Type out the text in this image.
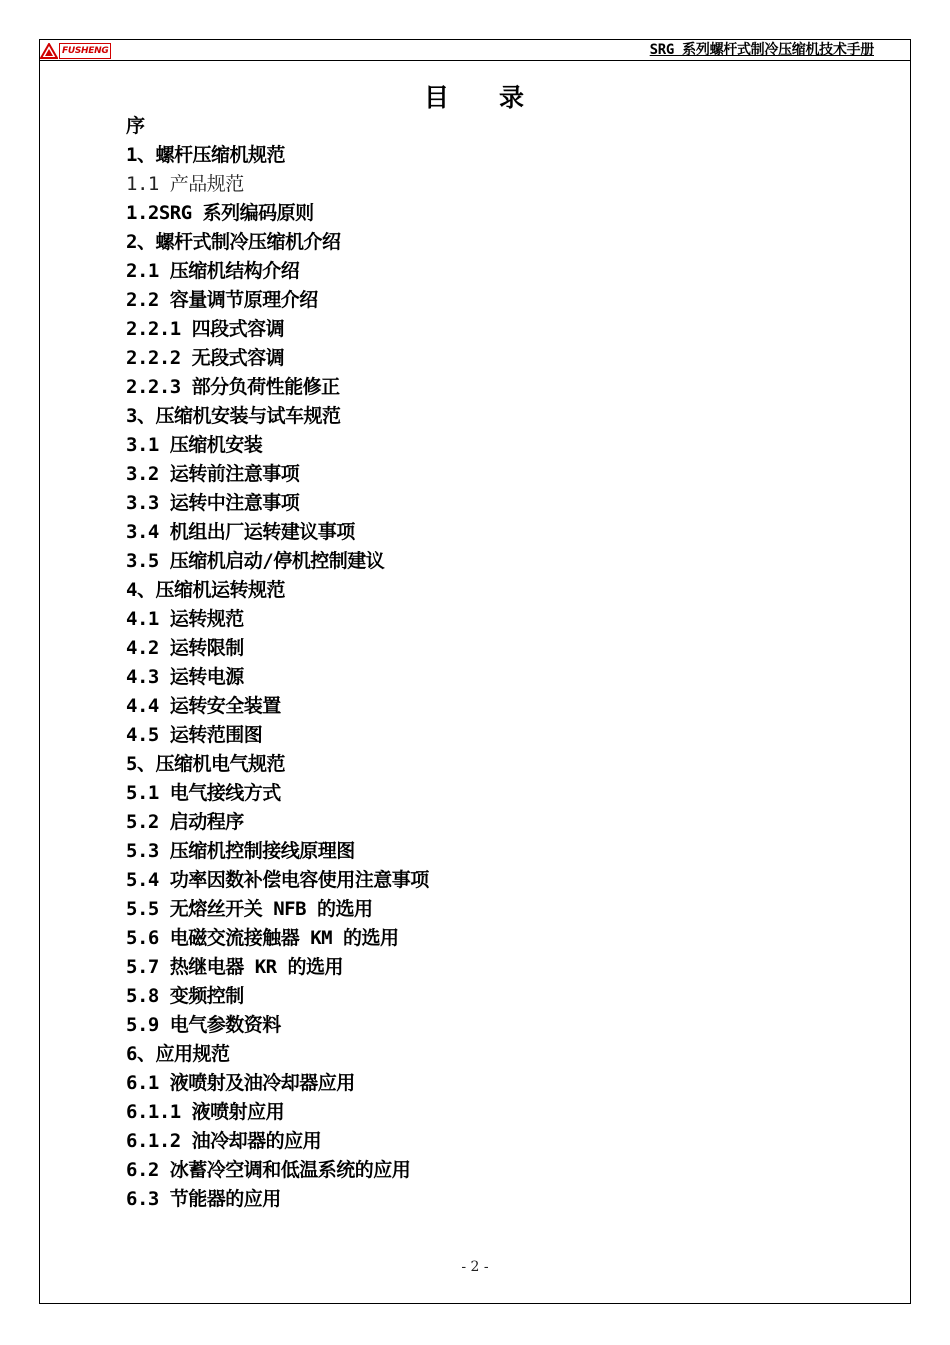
FUSHENG	SRG 系列螺杆式制冷压缩机技术手册
目 录
序
1、螺杆压缩机规范
1.1 产品规范
1.2SRG 系列编码原则
2、螺杆式制冷压缩机介绍
2.1 压缩机结构介绍
2.2 容量调节原理介绍
2.2.1 四段式容调
2.2.2 无段式容调
2.2.3 部分负荷性能修正
3、压缩机安装与试车规范
3.1 压缩机安装
3.2 运转前注意事项
3.3 运转中注意事项
3.4 机组出厂运转建议事项
3.5 压缩机启动/停机控制建议
4、压缩机运转规范
4.1 运转规范
4.2 运转限制
4.3 运转电源
4.4 运转安全装置
4.5 运转范围图
5、压缩机电气规范
5.1 电气接线方式
5.2 启动程序
5.3 压缩机控制接线原理图
5.4 功率因数补偿电容使用注意事项
5.5 无熔丝开关 NFB 的选用
5.6 电磁交流接触器 KM 的选用
5.7 热继电器 KR 的选用
5.8 变频控制
5.9 电气参数资料
6、应用规范
6.1 液喷射及油冷却器应用
6.1.1 液喷射应用
6.1.2 油冷却器的应用
6.2 冰蓄冷空调和低温系统的应用
6.3 节能器的应用
- 2 -
